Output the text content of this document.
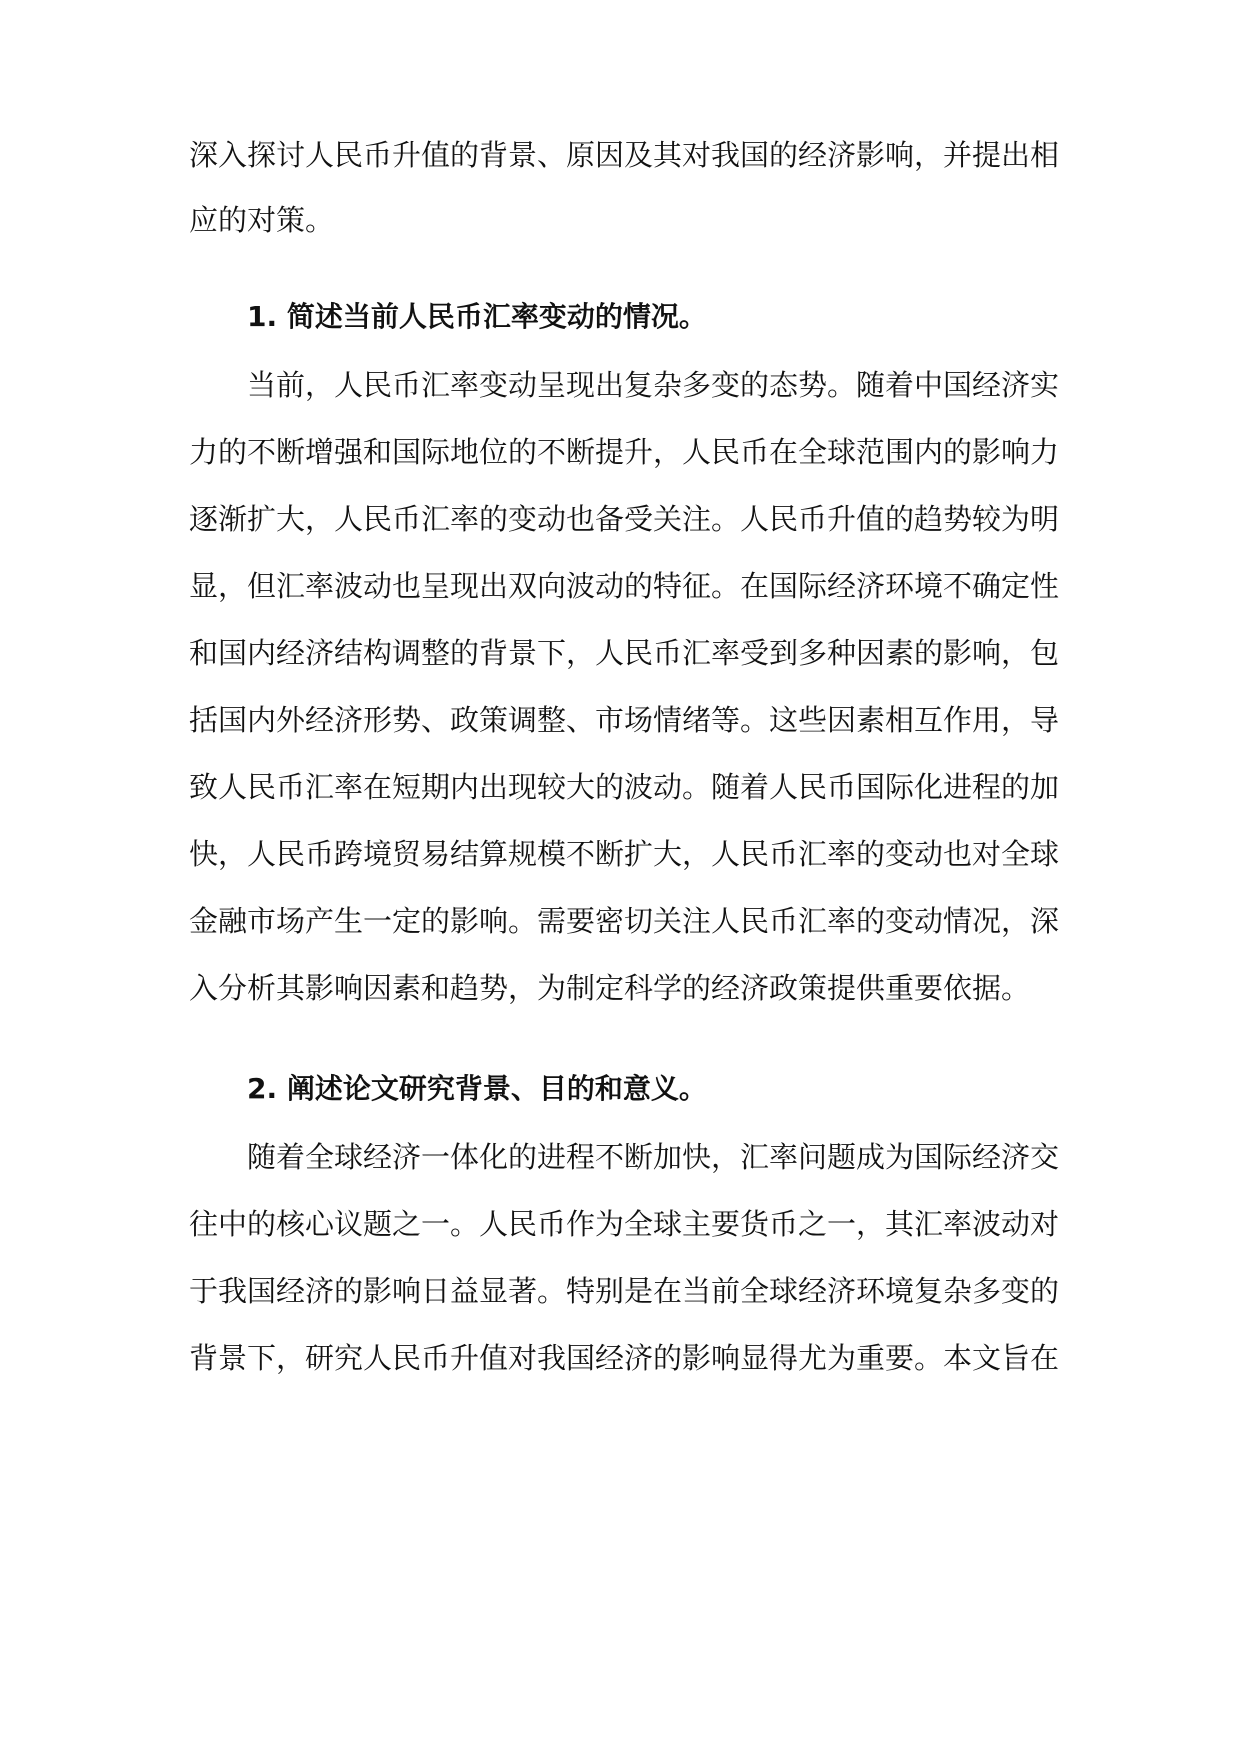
深入探讨人民币升值的背景、原因及其对我国的经济影响，并提出相
应的对策。
1. 简述当前人民币汇率变动的情况。
当前，人民币汇率变动呈现出复杂多变的态势。随着中国经济实
力的不断增强和国际地位的不断提升，人民币在全球范围内的影响力
逐渐扩大，人民币汇率的变动也备受关注。人民币升值的趋势较为明
显，但汇率波动也呈现出双向波动的特征。在国际经济环境不确定性
和国内经济结构调整的背景下，人民币汇率受到多种因素的影响，包
括国内外经济形势、政策调整、市场情绪等。这些因素相互作用，导
致人民币汇率在短期内出现较大的波动。随着人民币国际化进程的加
快，人民币跨境贸易结算规模不断扩大，人民币汇率的变动也对全球
金融市场产生一定的影响。需要密切关注人民币汇率的变动情况，深
入分析其影响因素和趋势，为制定科学的经济政策提供重要依据。
2. 阐述论文研究背景、目的和意义。
随着全球经济一体化的进程不断加快，汇率问题成为国际经济交
往中的核心议题之一。人民币作为全球主要货币之一，其汇率波动对
于我国经济的影响日益显著。特别是在当前全球经济环境复杂多变的
背景下，研究人民币升值对我国经济的影响显得尤为重要。本文旨在
